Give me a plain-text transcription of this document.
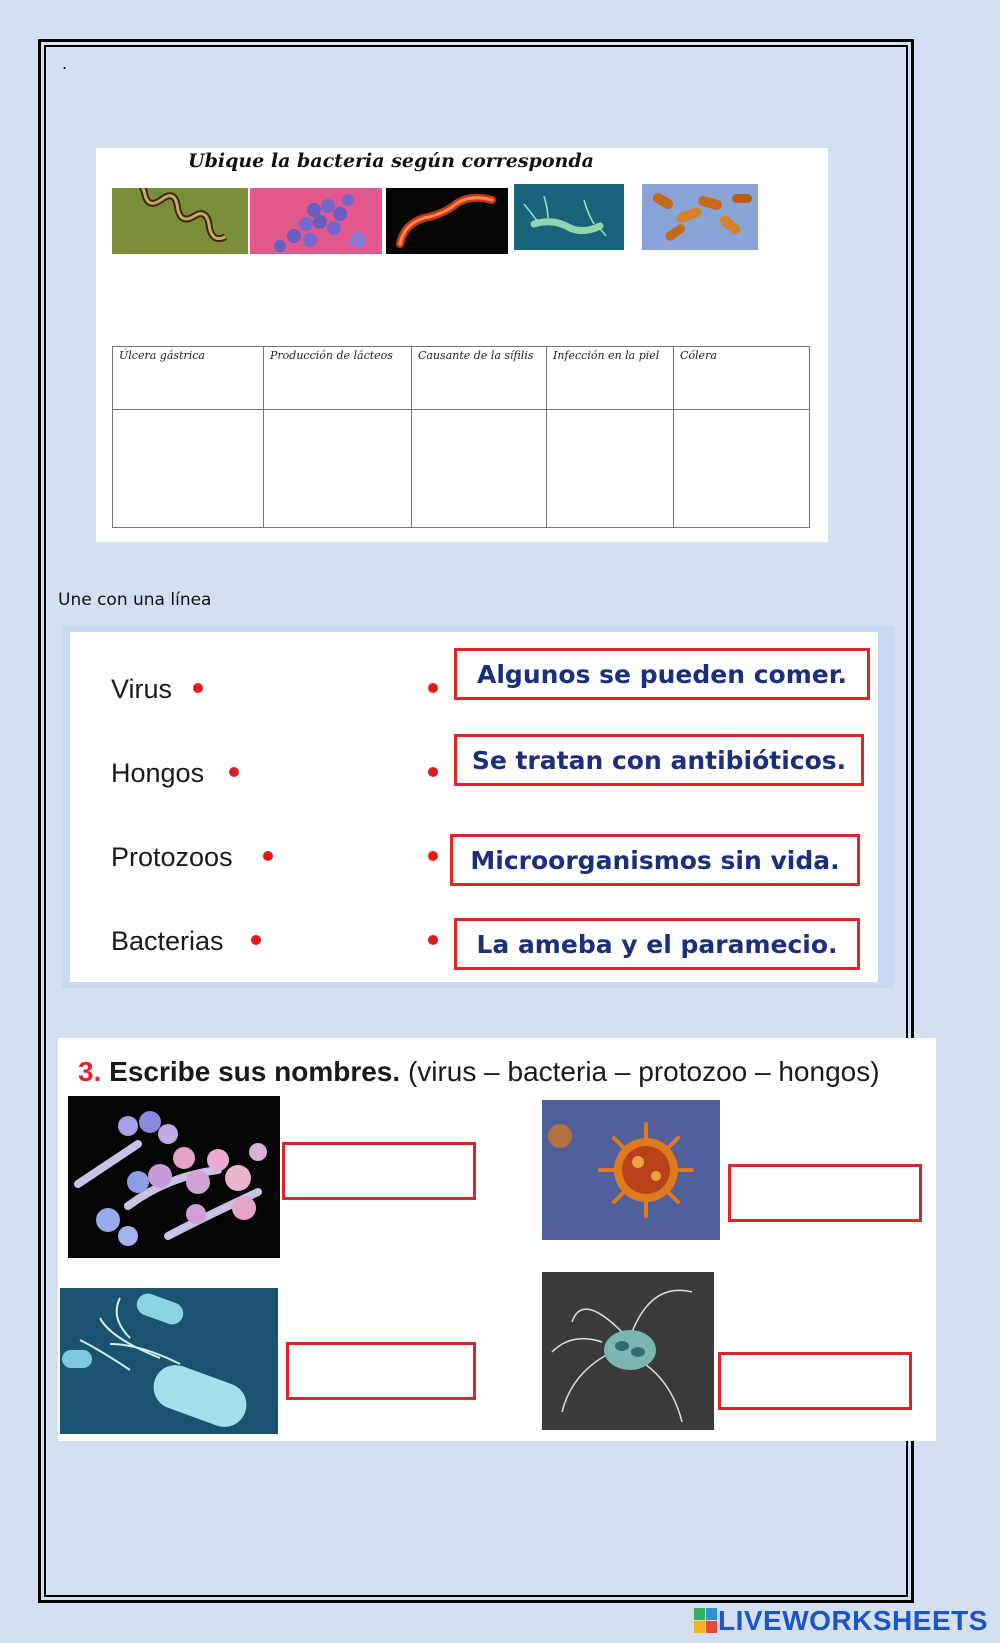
.
Ubique la bacteria según corresponda
Úlcera gástrica	Producción de lácteos	Causante de la sífilis	Infección en la piel	Cólera

Une con una línea
Virus
Hongos
Protozoos
Bacterias
Algunos se pueden comer.
Se tratan con antibióticos.
Microorganismos sin vida.
La ameba y el paramecio.
3. Escribe sus nombres. (virus – bacteria – protozoo – hongos)
LIVEWORKSHEETS
